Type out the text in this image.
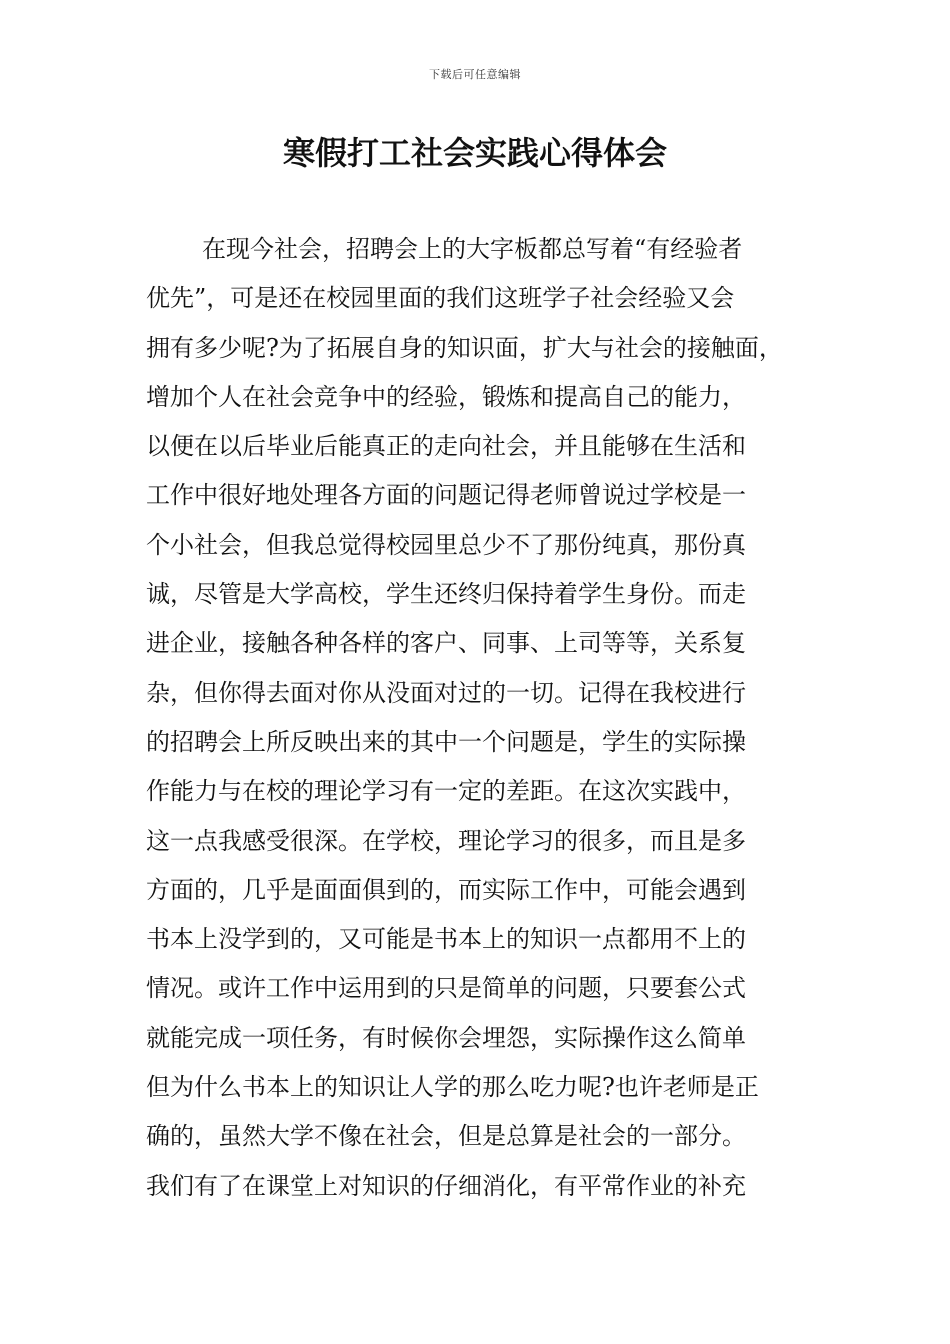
下载后可任意编辑
寒假打工社会实践心得体会
在现今社会，招聘会上的大字板都总写着“有经验者
优先”，可是还在校园里面的我们这班学子社会经验又会
拥有多少呢?为了拓展自身的知识面，扩大与社会的接触面，
增加个人在社会竞争中的经验，锻炼和提高自己的能力，
以便在以后毕业后能真正的走向社会，并且能够在生活和
工作中很好地处理各方面的问题记得老师曾说过学校是一
个小社会，但我总觉得校园里总少不了那份纯真，那份真
诚，尽管是大学高校，学生还终归保持着学生身份。而走
进企业，接触各种各样的客户、同事、上司等等，关系复
杂，但你得去面对你从没面对过的一切。记得在我校进行
的招聘会上所反映出来的其中一个问题是，学生的实际操
作能力与在校的理论学习有一定的差距。在这次实践中，
这一点我感受很深。在学校，理论学习的很多，而且是多
方面的，几乎是面面俱到的，而实际工作中，可能会遇到
书本上没学到的，又可能是书本上的知识一点都用不上的
情况。或许工作中运用到的只是简单的问题，只要套公式
就能完成一项任务，有时候你会埋怨，实际操作这么简单
但为什么书本上的知识让人学的那么吃力呢?也许老师是正
确的，虽然大学不像在社会，但是总算是社会的一部分。
我们有了在课堂上对知识的仔细消化，有平常作业的补充
